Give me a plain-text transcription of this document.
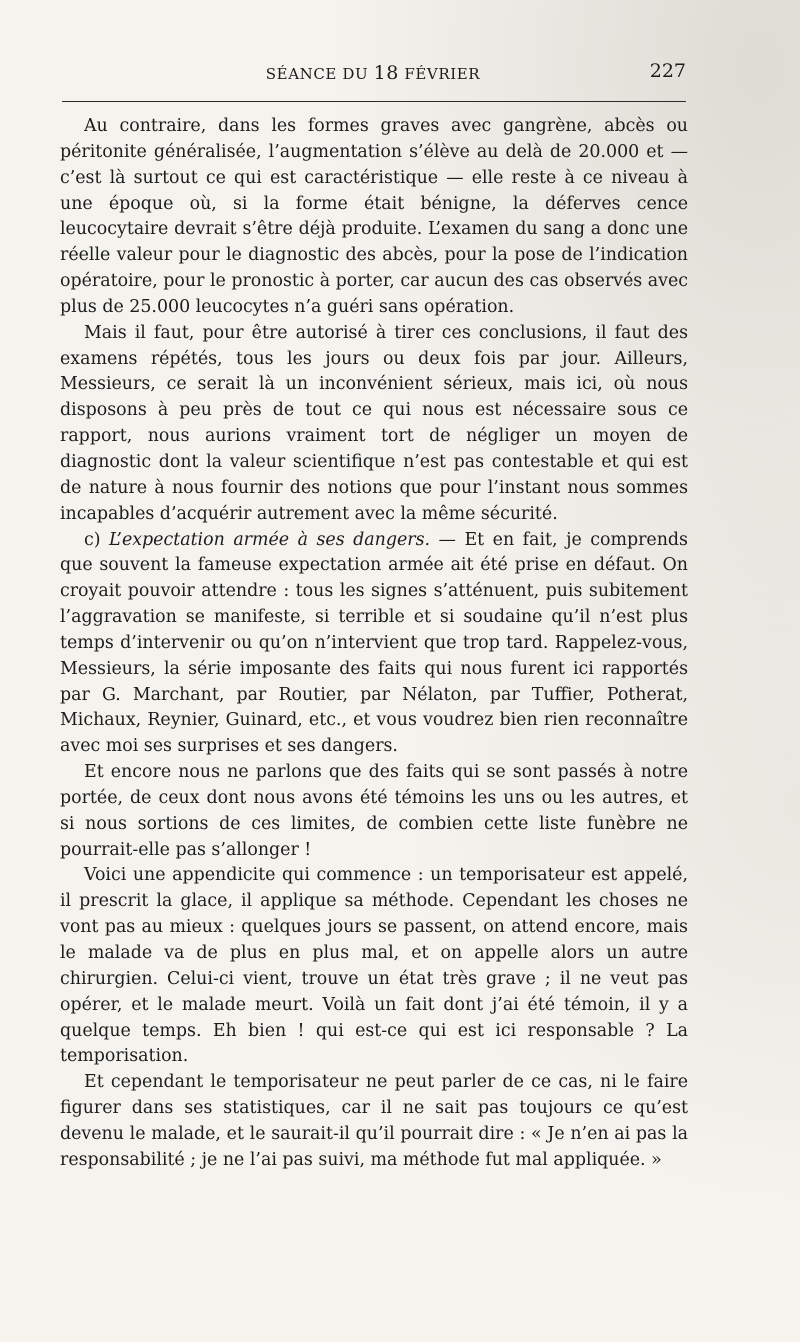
SÉANCE DU 18 FÉVRIER	227

Au contraire, dans les formes graves avec gangrène, abcès ou péritonite généralisée, l’augmentation s’élève au delà de 20.000 et — c’est là surtout ce qui est caractéristique — elle reste à ce niveau à une époque où, si la forme était bénigne, la déferves cence leucocytaire devrait s’être déjà produite. L’examen du sang a donc une réelle valeur pour le diagnostic des abcès, pour la pose de l’indication opératoire, pour le pronostic à porter, car aucun des cas observés avec plus de 25.000 leucocytes n’a guéri sans opération.

Mais il faut, pour être autorisé à tirer ces conclusions, il faut des examens répétés, tous les jours ou deux fois par jour. Ailleurs, Messieurs, ce serait là un inconvénient sérieux, mais ici, où nous disposons à peu près de tout ce qui nous est nécessaire sous ce rapport, nous aurions vraiment tort de négliger un moyen de diagnostic dont la valeur scientifique n’est pas contestable et qui est de nature à nous fournir des notions que pour l’instant nous sommes incapables d’acquérir autrement avec la même sécurité.

c) L’expectation armée à ses dangers. — Et en fait, je comprends que souvent la fameuse expectation armée ait été prise en défaut. On croyait pouvoir attendre : tous les signes s’atténuent, puis subitement l’aggravation se manifeste, si terrible et si soudaine qu’il n’est plus temps d’intervenir ou qu’on n’intervient que trop tard. Rappelez-vous, Messieurs, la série imposante des faits qui nous furent ici rapportés par G. Marchant, par Routier, par Nélaton, par Tuffier, Potherat, Michaux, Reynier, Guinard, etc., et vous voudrez bien rien reconnaître avec moi ses surprises et ses dangers.

Et encore nous ne parlons que des faits qui se sont passés à notre portée, de ceux dont nous avons été témoins les uns ou les autres, et si nous sortions de ces limites, de combien cette liste funèbre ne pourrait-elle pas s’allonger !

Voici une appendicite qui commence : un temporisateur est appelé, il prescrit la glace, il applique sa méthode. Cependant les choses ne vont pas au mieux : quelques jours se passent, on attend encore, mais le malade va de plus en plus mal, et on appelle alors un autre chirurgien. Celui-ci vient, trouve un état très grave ; il ne veut pas opérer, et le malade meurt. Voilà un fait dont j’ai été témoin, il y a quelque temps. Eh bien ! qui est-ce qui est ici responsable ? La temporisation.

Et cependant le temporisateur ne peut parler de ce cas, ni le faire figurer dans ses statistiques, car il ne sait pas toujours ce qu’est devenu le malade, et le saurait-il qu’il pourrait dire : « Je n’en ai pas la responsabilité ; je ne l’ai pas suivi, ma méthode fut mal appliquée. »
